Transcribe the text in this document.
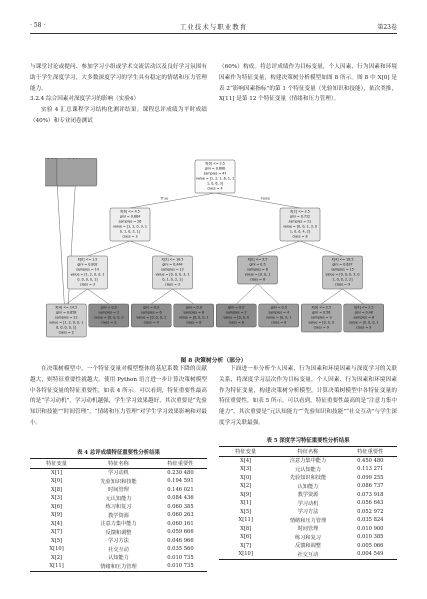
· 58 ·	工业技术与职业教育	第23卷

与课堂讨论或提问、参加学习小组或学术交流活动以及良好学习氛围有助于学生深度学习，大多数深度学习的学生具有稳定的情绪和压力管理能力。

3.2.4 综合因素对深度学习的影响（实验4）

实验 4 汇总课程学习结构化测评结果。课程总评成绩为平时成绩（40%）和专业闭卷测试

（60%）构成。将总评成绩作为目标变量，个人因素、行为因素和环境因素作为特征变量，构建决策树分析模型如图 8 所示。图 8 中 X[0] 是表 2“影响因素指标”的第 1 个特征变量（先验知识和技能），依次类推，X[11] 是第 12 个特征变量（情绪和压力管理）。

True	False
X[0] <= 2.5
gini = 0.888
samples = 47
value = [1, 2, 1, 6, 1, 1
1, 0, 6, 3]
class = 4
X[6] <= 4.5
gini = 0.884
samples = 26
value = [1, 2, 0, 3, 1
0, 1, 0, 2, 1]
class = 3
X[0] <= 1.5
gini = 0.802
samples = 14
value = [1, 2, 0, 0, 1
0, 0, 0, 0, 1]
class = 3
X[4] <= 14.5
gini = 0.658
samples = 12
value = [1, 2, 0, 0, 1
0, 0, 0, 0, 1]
class = 2
gini = 0.0
samples = 2
value = [0, 0, 0, 0
class = 2
X[3] <= 18.5
gini = 0.444
samples = 12
value = [0, 0, 0, 3, 1
0, 1, 0, 2, 1]
class = 3
gini = 0.0
samples = 6
value = [0, 0, 0, 1
class = 4
gini = 0.0
samples = 6
value = [0, 0, 0, 1
class = 6
X[2] <= 2.5
gini = 0.712
samples = 21
value = [0, 0, 1, 3, 0
1, 0, 0, 4, 2]
class = 8
X[0] <= 3.5
gini = 0.5
samples = 6
value = [0, 0, 1
class = 8
gini = 0.0
samples = 2
value = [0, 0, 0
class = 8
gini = 0.0
samples = 4
value = [0, 0, 1
class = 8
X[4] <= 18.5
gini = 0.637
samples = 15
value = [0, 0, 0, 3, 0
1, 0, 0, 2, 2]
class = 9
X[9] <= 2.5
gini = 0.56
samples = 9
value = [0, 0, 0
class = 9
X[4] <= 2.5
gini = 0.48
samples = 6
value = [0, 0, 0, 1
class = 9
图 8 决策树分析（部分）

在决策树模型中，一个特征变量对模型整体的基尼系数下降的贡献越大，则特征重要性就越大。使用 Python 语言进一步计算决策树模型中各特征变量的特征重要性，如表 4 所示。可以看到，特征重要性最高的是“学习动机”，学习动机越强，学生学习效果越好，其次重要是“先验知识和技能”“时间管理”，“情绪和压力管理”对学生学习效果影响和对最小。

下面进一步分析个人因素、行为因素和环境因素与深度学习的关联关系，将深度学习层次作为目标变量，个人因素、行为因素和环境因素作为特征变量，构建决策树分析模型，计算决策树模型中各特征变量的特征重要性，如表 5 所示。可以看到，特征重要性最高的是“注意力集中能力”，其次重要是“元认知能力”“先验知识和技能”“社交互动”与学生深度学习关联最强。

表 4 总评成绩特征重要性分析结果
特征变量	特征名称	特征重要性
X[1]	学习动机	0.230 480
X[0]	先验知识和技能	0.194 591
X[8]	时间管理	0.146 021
X[3]	元认知能力	0.084 436
X[6]	练习和复习	0.060 385
X[9]	教学资源	0.060 263
X[4]	注意力集中能力	0.060 161
X[7]	反馈和调整	0.059 666
X[5]	学习方法	0.046 966
X[10]	社交互动	0.035 560
X[2]	认知能力	0.010 735
X[11]	情绪和压力管理	0.010 735
表 5 深度学习特征重要性分析结果
特征变量	特征名称	特征重要性
X[4]	注意力集中能力	0.450 480
X[3]	元认知能力	0.113 271
X[0]	先验知识和技能	0.099 255
X[2]	认知能力	0.086 737
X[9]	教学资源	0.073 918
X[1]	学习动机	0.056 643
X[5]	学习方法	0.052 972
X[11]	情绪和压力管理	0.035 824
X[8]	时间管理	0.010 900
X[6]	练习和复习	0.010 385
X[7]	反馈和调整	0.005 066
X[10]	社交互动	0.004 549
